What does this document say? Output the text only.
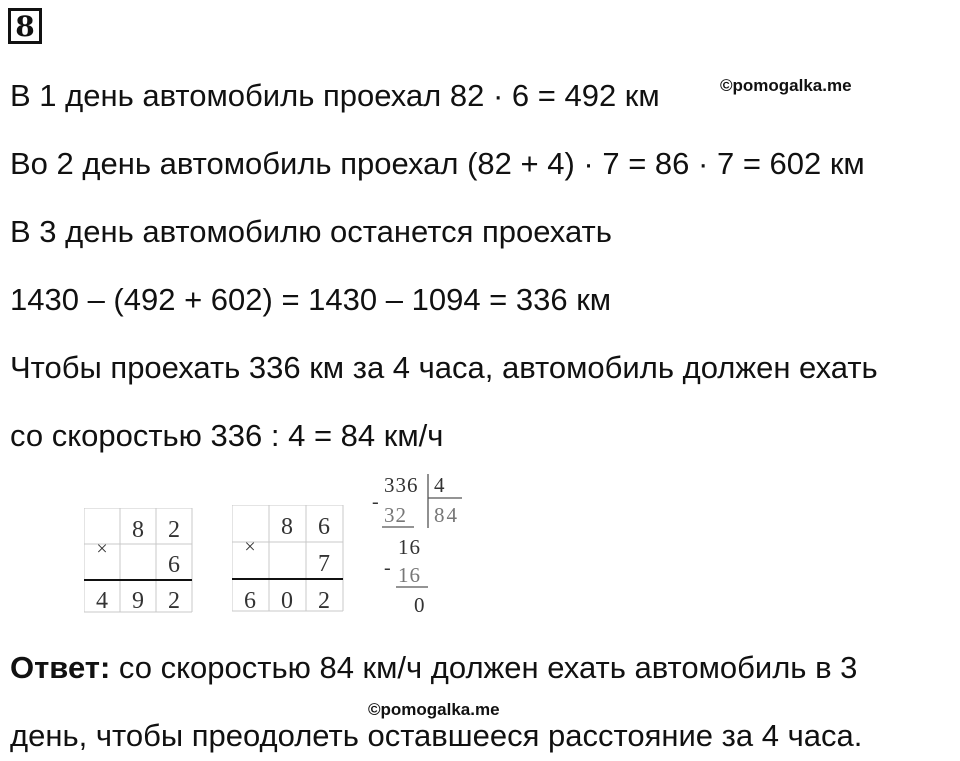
8
В 1 день автомобиль проехал 82 · 6 = 492 км	©pomogalka.me
Во 2 день автомобиль проехал (82 + 4) · 7 = 86 · 7 = 602 км
В 3 день автомобилю останется проехать
1430 – (492 + 602) = 1430 – 1094 = 336 км
Чтобы проехать 336 км за 4 часа, автомобиль должен ехать
со скоростью 336 : 4 = 84 км/ч
×
8 2
6
4 9 2
×
8 6
7
6 0 2
-
336 4
84
32
16
- 16
0
Ответ: со скоростью 84 км/ч должен ехать автомобиль в 3
©pomogalka.me
день, чтобы преодолеть оставшееся расстояние за 4 часа.
